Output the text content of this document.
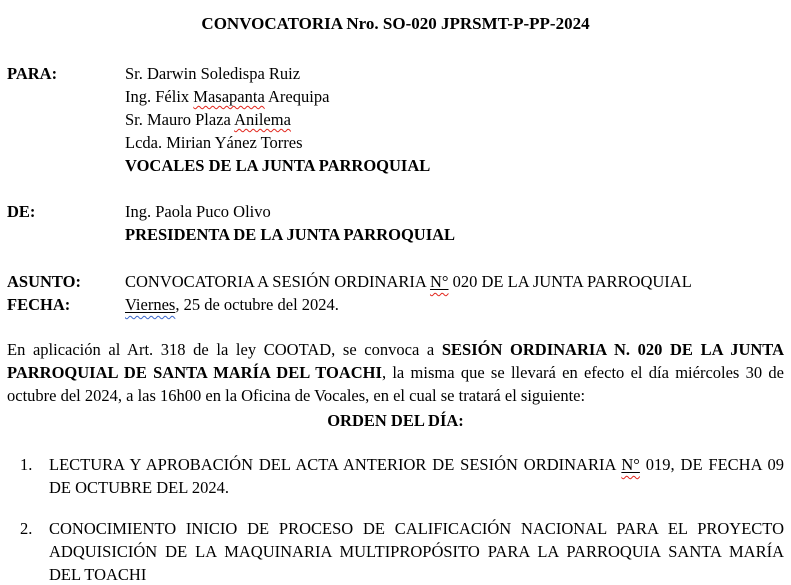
CONVOCATORIA Nro. SO-020 JPRSMT-P-PP-2024
PARA:	Sr. Darwin Soledispa Ruiz
Ing. Félix Masapanta Arequipa
Sr. Mauro Plaza Anilema
Lcda. Mirian Yánez Torres
VOCALES DE LA JUNTA PARROQUIAL
DE:	Ing. Paola Puco Olivo
PRESIDENTA DE LA JUNTA PARROQUIAL
ASUNTO:	CONVOCATORIA A SESIÓN ORDINARIA N° 020 DE LA JUNTA PARROQUIAL
FECHA:	Viernes, 25 de octubre del 2024.
En aplicación al Art. 318 de la ley COOTAD, se convoca a SESIÓN ORDINARIA N. 020 DE LA JUNTA PARROQUIAL DE SANTA MARÍA DEL TOACHI, la misma que se llevará en efecto el día miércoles 30 de octubre del 2024, a las 16h00 en la Oficina de Vocales, en el cual se tratará el siguiente:
ORDEN DEL DÍA:
1. LECTURA Y APROBACIÓN DEL ACTA ANTERIOR DE SESIÓN ORDINARIA N° 019, DE FECHA 09 DE OCTUBRE DEL 2024.
2. CONOCIMIENTO INICIO DE PROCESO DE CALIFICACIÓN NACIONAL PARA EL PROYECTO ADQUISICIÓN DE LA MAQUINARIA MULTIPROPÓSITO PARA LA PARROQUIA SANTA MARÍA DEL TOACHI
